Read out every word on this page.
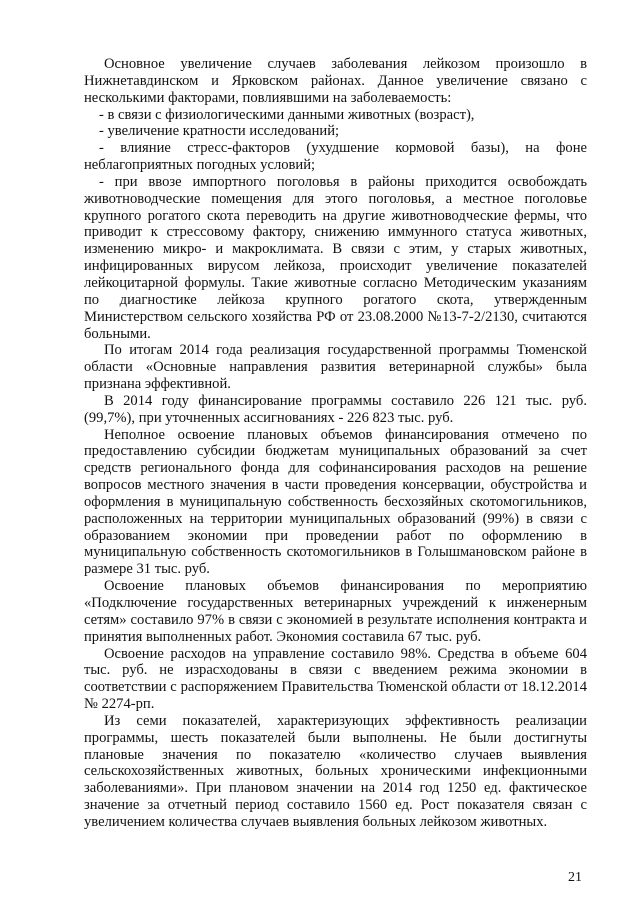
Основное увеличение случаев заболевания лейкозом произошло в Нижнетавдинском и Ярковском районах. Данное увеличение связано с несколькими факторами, повлиявшими на заболеваемость:

- в связи с физиологическими данными животных (возраст),

- увеличение кратности исследований;

- влияние стресс-факторов (ухудшение кормовой базы), на фоне неблагоприятных погодных условий;

- при ввозе импортного поголовья в районы приходится освобождать животноводческие помещения для этого поголовья, а местное поголовье крупного рогатого скота переводить на другие животноводческие фермы, что приводит к стрессовому фактору, снижению иммунного статуса животных, изменению микро- и макроклимата. В связи с этим, у старых животных, инфицированных вирусом лейкоза, происходит увеличение показателей лейкоцитарной формулы. Такие животные согласно Методическим указаниям по диагностике лейкоза крупного рогатого скота, утвержденным Министерством сельского хозяйства РФ от 23.08.2000 №13-7-2/2130, считаются больными.

По итогам 2014 года реализация государственной программы Тюменской области «Основные направления развития ветеринарной службы» была признана эффективной.

В 2014 году финансирование программы составило 226 121 тыс. руб. (99,7%), при уточненных ассигнованиях - 226 823 тыс. руб.

Неполное освоение плановых объемов финансирования отмечено по предоставлению субсидии бюджетам муниципальных образований за счет средств регионального фонда для софинансирования расходов на решение вопросов местного значения в части проведения консервации, обустройства и оформления в муниципальную собственность бесхозяйных скотомогильников, расположенных на территории муниципальных образований (99%) в связи с образованием экономии при проведении работ по оформлению в муниципальную собственность скотомогильников в Голышмановском районе в размере 31 тыс. руб.

Освоение плановых объемов финансирования по мероприятию «Подключение государственных ветеринарных учреждений к инженерным сетям» составило 97% в связи с экономией в результате исполнения контракта и принятия выполненных работ. Экономия составила 67 тыс. руб.

Освоение расходов на управление составило 98%. Средства в объеме 604 тыс. руб. не израсходованы в связи с введением режима экономии в соответствии с распоряжением Правительства Тюменской области от 18.12.2014 № 2274-рп.

Из семи показателей, характеризующих эффективность реализации программы, шесть показателей были выполнены. Не были достигнуты плановые значения по показателю «количество случаев выявления сельскохозяйственных животных, больных хроническими инфекционными заболеваниями». При плановом значении на 2014 год 1250 ед. фактическое значение за отчетный период составило 1560 ед. Рост показателя связан с увеличением количества случаев выявления больных лейкозом животных.

21
